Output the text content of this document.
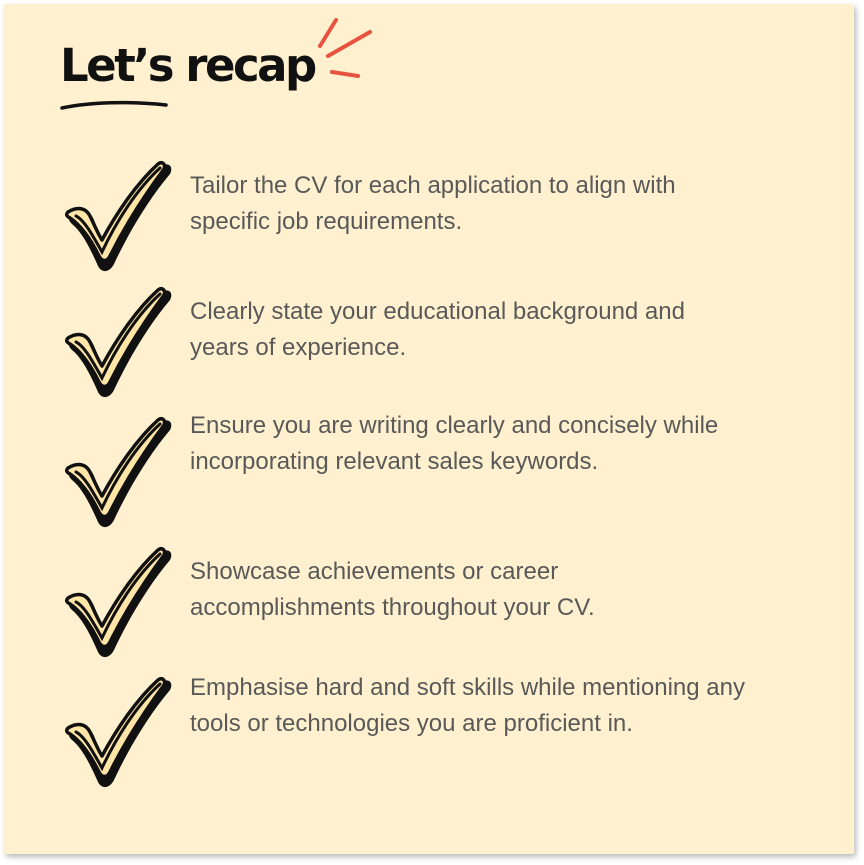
Let’s recap

Tailor the CV for each application to align with specific job requirements.

Clearly state your educational background and years of experience.

Ensure you are writing clearly and concisely while incorporating relevant sales keywords.

Showcase achievements or career accomplishments throughout your CV.

Emphasise hard and soft skills while mentioning any tools or technologies you are proficient in.
